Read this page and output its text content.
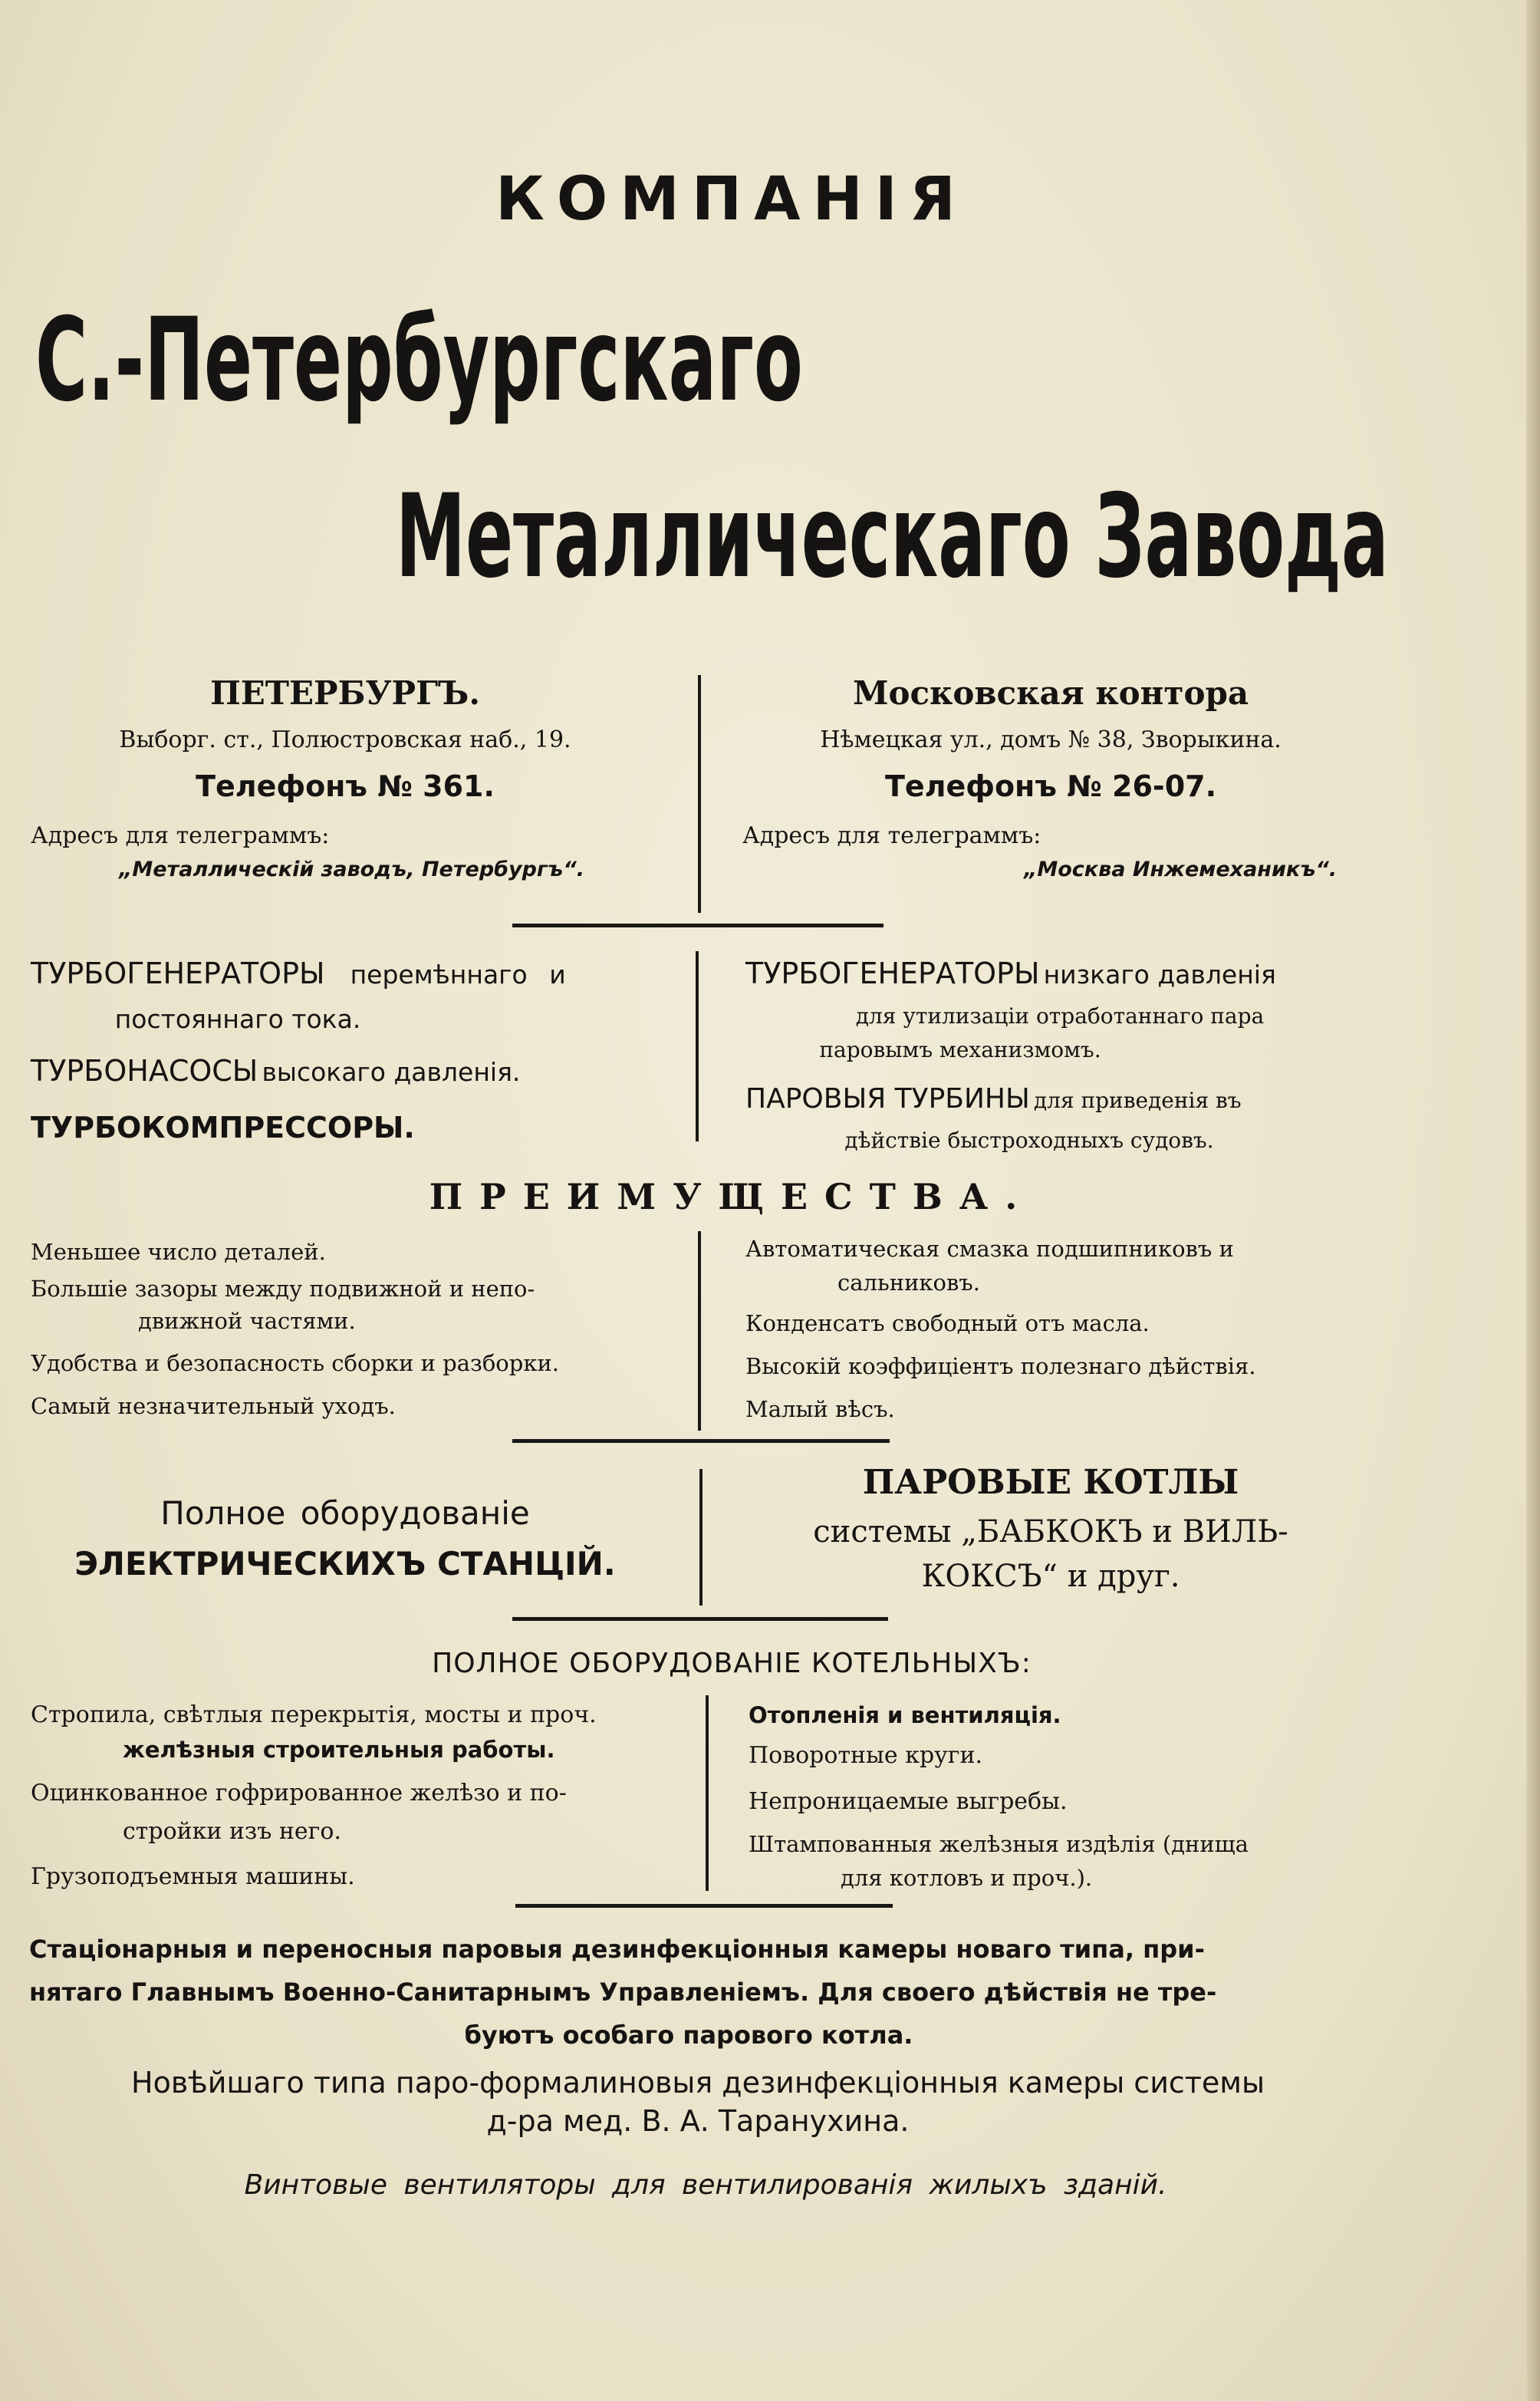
КОМПАНІЯ
С.-Петербургскаго
Металлическаго Завода
ПЕТЕРБУРГЪ.
Выборг. ст., Полюстровская наб., 19.
Телефонъ № 361.
Адресъ для телеграммъ:
„Металлическій заводъ, Петербургъ“.
Московская контора
Нѣмецкая ул., домъ № 38, Зворыкина.
Телефонъ № 26-07.
Адресъ для телеграммъ:
„Москва Инжемеханикъ“.
ТУРБОГЕНЕРАТОРЫ перемѣннаго и
постояннаго тока.
ТУРБОНАСОСЫ высокаго давленія.
ТУРБОКОМПРЕССОРЫ.
ТУРБОГЕНЕРАТОРЫ низкаго давленія
для утилизаціи отработаннаго пара
паровымъ механизмомъ.
ПАРОВЫЯ ТУРБИНЫ для приведенія въ
дѣйствіе быстроходныхъ судовъ.
ПРЕИМУЩЕСТВА.
Меньшее число деталей.
Большіе зазоры между подвижной и непо-
движной частями.
Удобства и безопасность сборки и разборки.
Самый незначительный уходъ.
Автоматическая смазка подшипниковъ и
сальниковъ.
Конденсатъ свободный отъ масла.
Высокій коэффиціентъ полезнаго дѣйствія.
Малый вѣсъ.
Полное оборудованіе
ЭЛЕКТРИЧЕСКИХЪ СТАНЦІЙ.
ПАРОВЫЕ КОТЛЫ
системы „БАБКОКЪ и ВИЛЬ-
КОКСЪ“ и друг.
ПОЛНОЕ ОБОРУДОВАНІЕ КОТЕЛЬНЫХЪ:
Стропила, свѣтлыя перекрытія, мосты и проч.
желѣзныя строительныя работы.
Оцинкованное гофрированное желѣзо и по-
стройки изъ него.
Грузоподъемныя машины.
Отопленія и вентиляція.
Поворотные круги.
Непроницаемые выгребы.
Штампованныя желѣзныя издѣлія (днища
для котловъ и проч.).
Стаціонарныя и переносныя паровыя дезинфекціонныя камеры новаго типа, при-
нятаго Главнымъ Военно-Санитарнымъ Управленіемъ. Для своего дѣйствія не тре-
буютъ особаго парового котла.
Новѣйшаго типа паро-формалиновыя дезинфекціонныя камеры системы
д-ра мед. В. А. Таранухина.
Винтовые вентиляторы для вентилированія жилыхъ зданій.
